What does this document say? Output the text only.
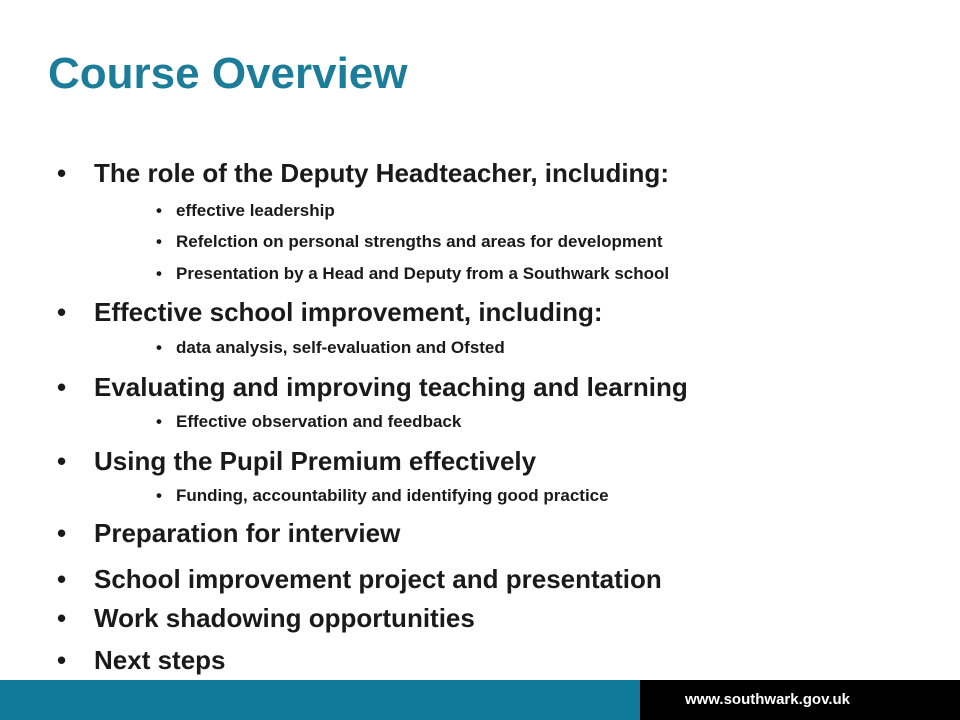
Course Overview
• The role of the Deputy Headteacher, including:
• effective leadership
• Refelction on personal strengths and areas for development
• Presentation by a Head and Deputy from a Southwark school
• Effective school improvement, including:
• data analysis, self-evaluation and Ofsted
• Evaluating and improving teaching and learning
• Effective observation and feedback
• Using the Pupil Premium effectively
• Funding, accountability and identifying good practice
• Preparation for interview
• School improvement project and presentation
• Work shadowing opportunities
• Next steps
www.southwark.gov.uk
